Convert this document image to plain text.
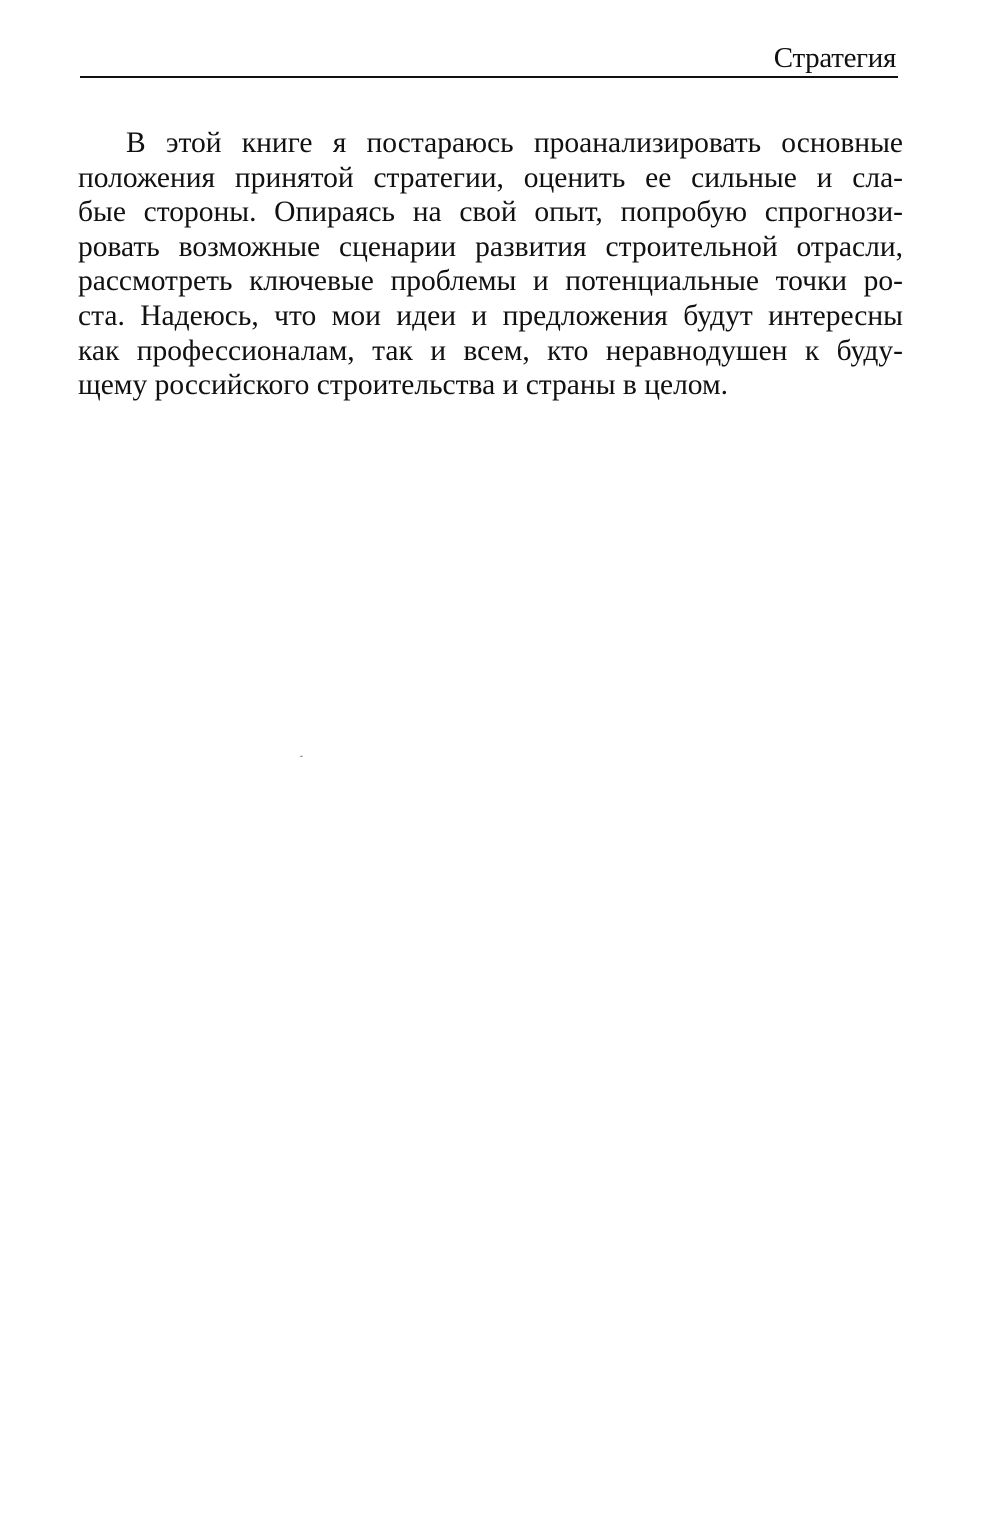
Стратегия
В этой книге я постараюсь проанализировать основные
положения принятой стратегии, оценить ее сильные и сла-
бые стороны. Опираясь на свой опыт, попробую спрогнози-
ровать возможные сценарии развития строительной отрасли,
рассмотреть ключевые проблемы и потенциальные точки ро-
ста. Надеюсь, что мои идеи и предложения будут интересны
как профессионалам, так и всем, кто неравнодушен к буду-
щему российского строительства и страны в целом.
ˊ
